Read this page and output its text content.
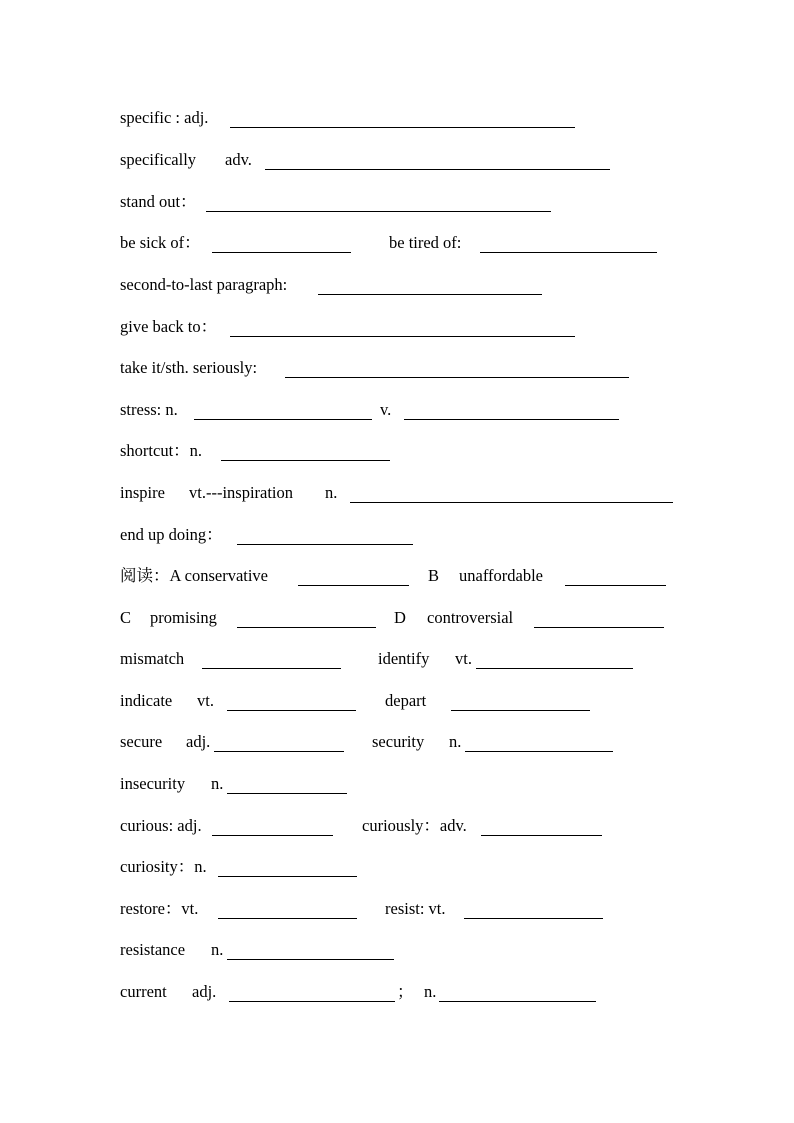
specific : adj.
specifically adv.
stand out：
be sick of：	be tired of:
second-to-last paragraph:
give back to：
take it/sth. seriously:
stress: n.	v.
shortcut：n.
inspire vt.---inspiration n.
end up doing：
阅读：A conservative	B unaffordable
C promising	D controversial
mismatch	identify vt.
indicate vt.	depart
secure adj.	security n.
insecurity n.
curious: adj.	curiously：adv.
curiosity：n.
restore：vt.	resist: vt.
resistance n.
current adj.	； n.
